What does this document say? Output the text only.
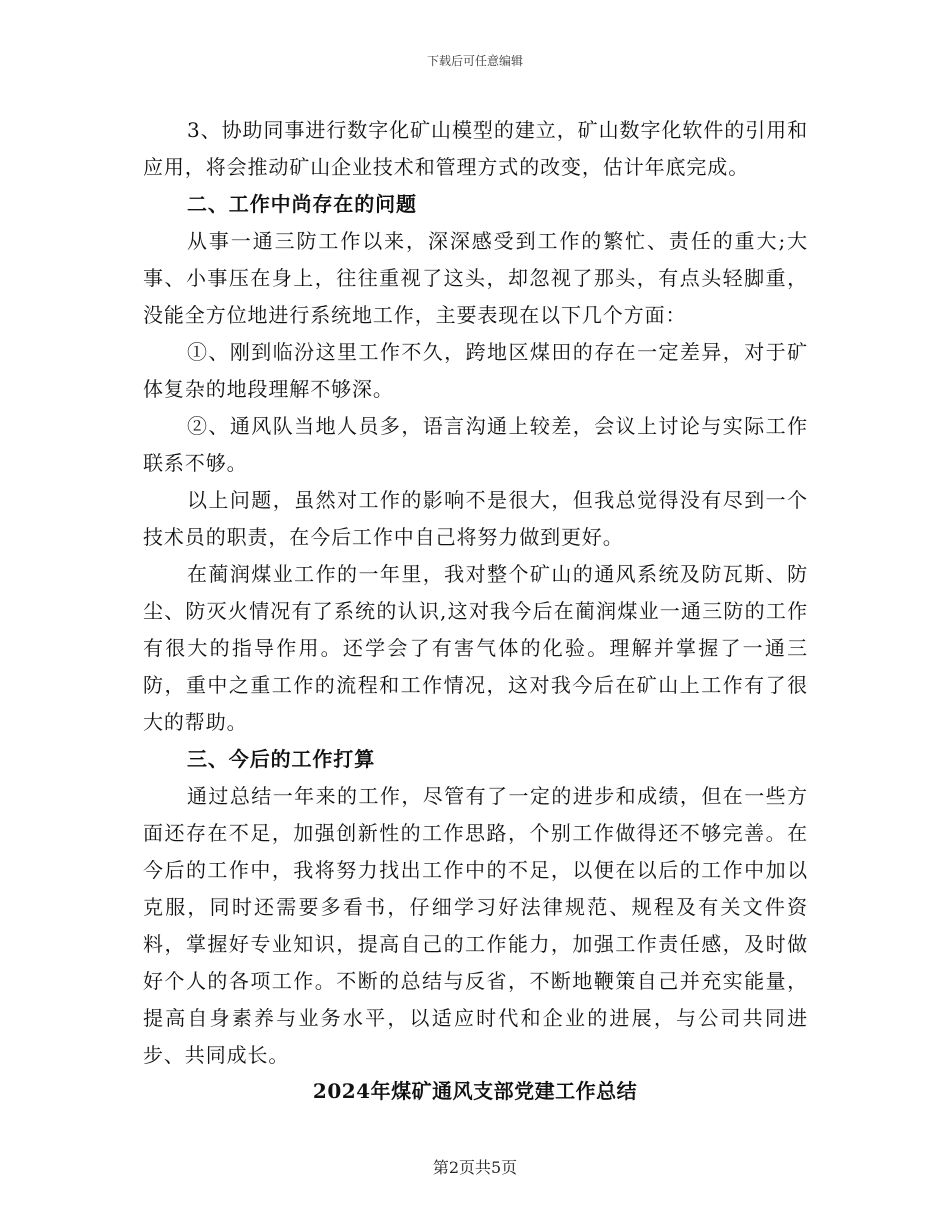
下载后可任意编辑

3、协助同事进行数字化矿山模型的建立，矿山数字化软件的引用和应用，将会推动矿山企业技术和管理方式的改变，估计年底完成。

二、工作中尚存在的问题

从事一通三防工作以来，深深感受到工作的繁忙、责任的重大;大事、小事压在身上，往往重视了这头，却忽视了那头，有点头轻脚重，没能全方位地进行系统地工作，主要表现在以下几个方面：

①、刚到临汾这里工作不久，跨地区煤田的存在一定差异，对于矿体复杂的地段理解不够深。

②、通风队当地人员多，语言沟通上较差，会议上讨论与实际工作联系不够。

以上问题，虽然对工作的影响不是很大，但我总觉得没有尽到一个技术员的职责，在今后工作中自己将努力做到更好。

在蔺润煤业工作的一年里，我对整个矿山的通风系统及防瓦斯、防尘、防灭火情况有了系统的认识,这对我今后在蔺润煤业一通三防的工作有很大的指导作用。还学会了有害气体的化验。理解并掌握了一通三防，重中之重工作的流程和工作情况，这对我今后在矿山上工作有了很大的帮助。

三、今后的工作打算

通过总结一年来的工作，尽管有了一定的进步和成绩，但在一些方面还存在不足，加强创新性的工作思路，个别工作做得还不够完善。在今后的工作中，我将努力找出工作中的不足，以便在以后的工作中加以克服，同时还需要多看书，仔细学习好法律规范、规程及有关文件资料，掌握好专业知识，提高自己的工作能力，加强工作责任感，及时做好个人的各项工作。不断的总结与反省，不断地鞭策自己并充实能量，提高自身素养与业务水平，以适应时代和企业的进展，与公司共同进步、共同成长。

2024年煤矿通风支部党建工作总结
第2页共5页
